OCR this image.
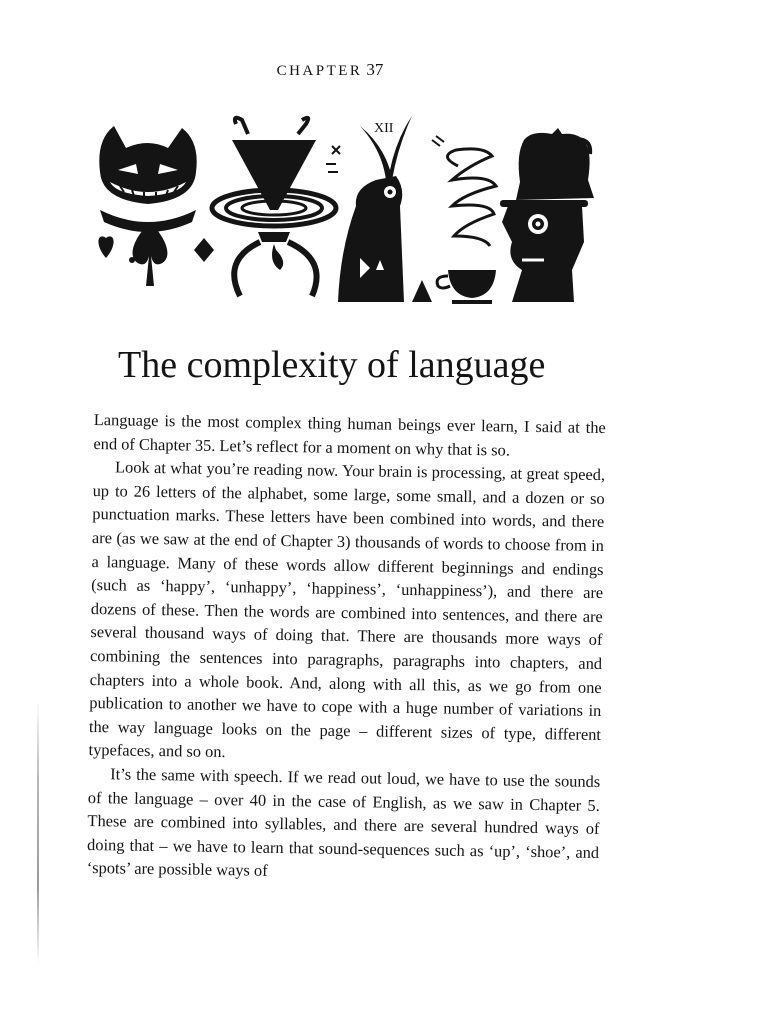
CHAPTER 37
XII
The complexity of language

Language is the most complex thing human beings ever learn, I said at the end of Chapter 35. Let’s reflect for a moment on why that is so.

Look at what you’re reading now. Your brain is processing, at great speed, up to 26 letters of the alphabet, some large, some small, and a dozen or so punctuation marks. These letters have been combined into words, and there are (as we saw at the end of Chapter 3) thousands of words to choose from in a language. Many of these words allow different beginnings and endings (such as ‘happy’, ‘unhappy’, ‘happiness’, ‘unhappiness’), and there are dozens of these. Then the words are combined into sentences, and there are several thousand ways of doing that. There are thousands more ways of combining the sentences into paragraphs, paragraphs into chapters, and chapters into a whole book. And, along with all this, as we go from one publication to another we have to cope with a huge number of variations in the way language looks on the page – different sizes of type, different typefaces, and so on.

It’s the same with speech. If we read out loud, we have to use the sounds of the language – over 40 in the case of English, as we saw in Chapter 5. These are combined into syllables, and there are several hundred ways of doing that – we have to learn that sound-sequences such as ‘up’, ‘shoe’, and ‘spots’ are possible ways of
